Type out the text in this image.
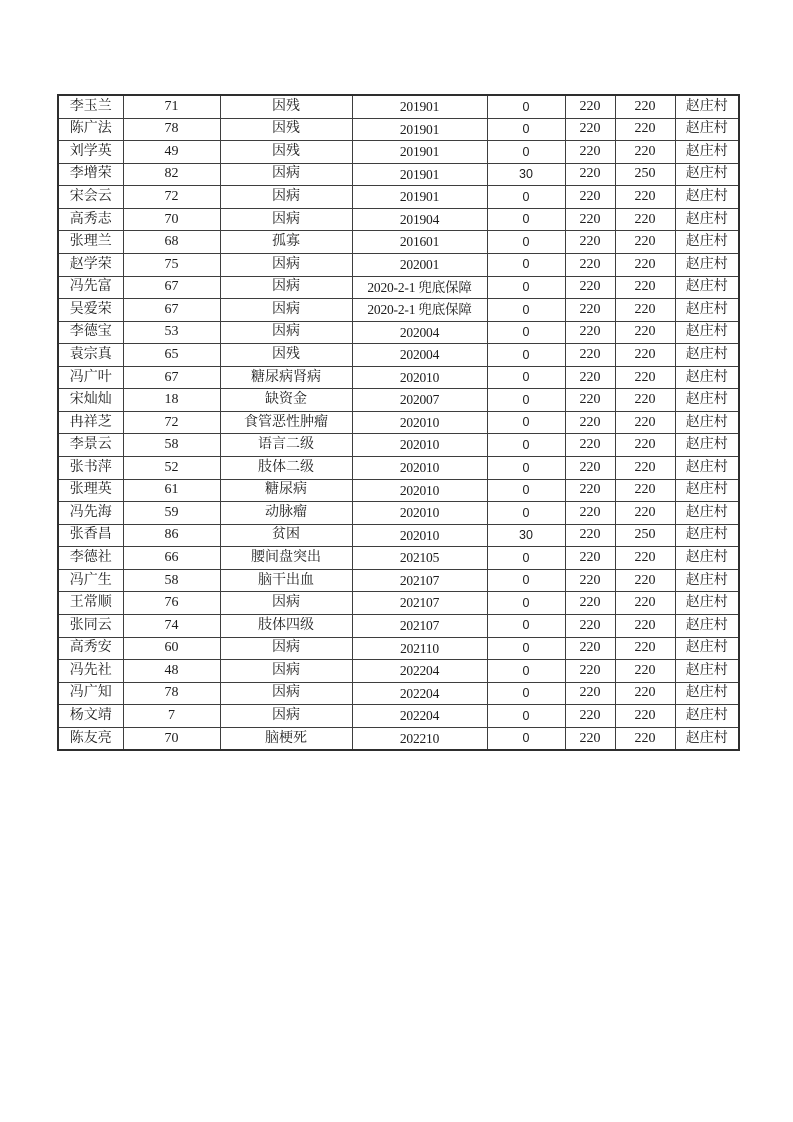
李玉兰	71	因残	201901	0	220	220	赵庄村
陈广法	78	因残	201901	0	220	220	赵庄村
刘学英	49	因残	201901	0	220	220	赵庄村
李增荣	82	因病	201901	30	220	250	赵庄村
宋会云	72	因病	201901	0	220	220	赵庄村
高秀志	70	因病	201904	0	220	220	赵庄村
张理兰	68	孤寡	201601	0	220	220	赵庄村
赵学荣	75	因病	202001	0	220	220	赵庄村
冯先富	67	因病	2020-2-1 兜底保障	0	220	220	赵庄村
吴爱荣	67	因病	2020-2-1 兜底保障	0	220	220	赵庄村
李德宝	53	因病	202004	0	220	220	赵庄村
袁宗真	65	因残	202004	0	220	220	赵庄村
冯广叶	67	糖尿病肾病	202010	0	220	220	赵庄村
宋灿灿	18	缺资金	202007	0	220	220	赵庄村
冉祥芝	72	食管恶性肿瘤	202010	0	220	220	赵庄村
李景云	58	语言二级	202010	0	220	220	赵庄村
张书萍	52	肢体二级	202010	0	220	220	赵庄村
张理英	61	糖尿病	202010	0	220	220	赵庄村
冯先海	59	动脉瘤	202010	0	220	220	赵庄村
张香昌	86	贫困	202010	30	220	250	赵庄村
李德社	66	腰间盘突出	202105	0	220	220	赵庄村
冯广生	58	脑干出血	202107	0	220	220	赵庄村
王常顺	76	因病	202107	0	220	220	赵庄村
张同云	74	肢体四级	202107	0	220	220	赵庄村
高秀安	60	因病	202110	0	220	220	赵庄村
冯先社	48	因病	202204	0	220	220	赵庄村
冯广知	78	因病	202204	0	220	220	赵庄村
杨文靖	7	因病	202204	0	220	220	赵庄村
陈友亮	70	脑梗死	202210	0	220	220	赵庄村
